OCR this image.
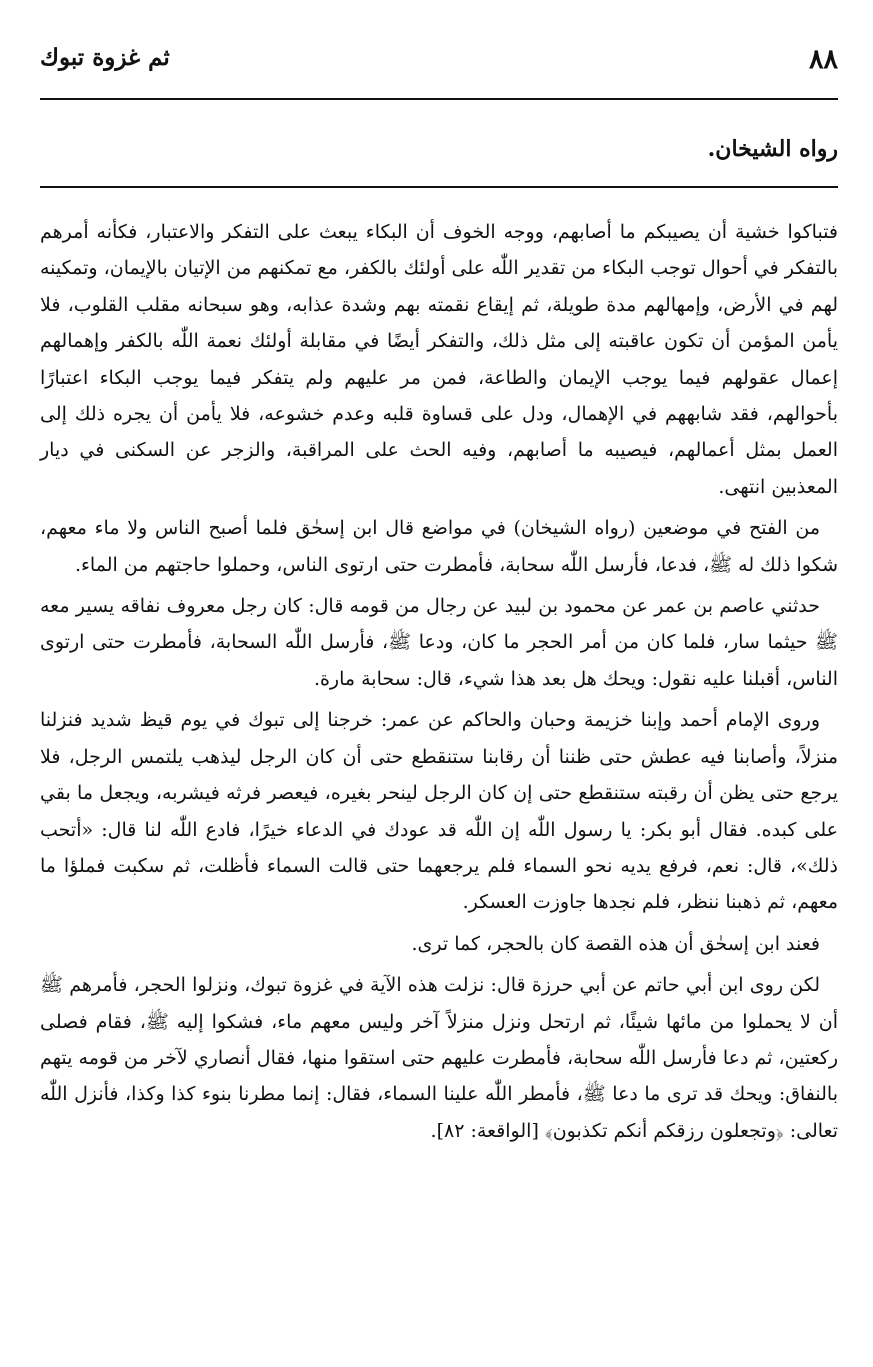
٨٨
ثم غزوة تبوك
رواه الشيخان.

فتباكوا خشية أن يصيبكم ما أصابهم، ووجه الخوف أن البكاء يبعث على التفكر والاعتبار، فكأنه أمرهم بالتفكر في أحوال توجب البكاء من تقدير اللّٰه على أولئك بالكفر، مع تمكنهم من الإتيان بالإيمان، وتمكينه لهم في الأرض، وإمهالهم مدة طويلة، ثم إيقاع نقمته بهم وشدة عذابه، وهو سبحانه مقلب القلوب، فلا يأمن المؤمن أن تكون عاقبته إلى مثل ذلك، والتفكر أيضًا في مقابلة أولئك نعمة اللّٰه بالكفر وإهمالهم إعمال عقولهم فيما يوجب الإيمان والطاعة، فمن مر عليهم ولم يتفكر فيما يوجب البكاء اعتبارًا بأحوالهم، فقد شابههم في الإهمال، ودل على قساوة قلبه وعدم خشوعه، فلا يأمن أن يجره ذلك إلى العمل بمثل أعمالهم، فيصيبه ما أصابهم، وفيه الحث على المراقبة، والزجر عن السكنى في ديار المعذبين انتهى.

من الفتح في موضعين (رواه الشيخان) في مواضع قال ابن إسحٰق فلما أصبح الناس ولا ماء معهم، شكوا ذلك له ﷺ، فدعا، فأرسل اللّٰه سحابة، فأمطرت حتى ارتوى الناس، وحملوا حاجتهم من الماء.

حدثني عاصم بن عمر عن محمود بن لبيد عن رجال من قومه قال: كان رجل معروف نفاقه يسير معه ﷺ حيثما سار، فلما كان من أمر الحجر ما كان، ودعا ﷺ، فأرسل اللّٰه السحابة، فأمطرت حتى ارتوى الناس، أقبلنا عليه نقول: ويحك هل بعد هذا شيء، قال: سحابة مارة.

وروى الإمام أحمد وإبنا خزيمة وحبان والحاكم عن عمر: خرجنا إلى تبوك في يوم قيظ شديد فنزلنا منزلاً، وأصابنا فيه عطش حتى ظننا أن رقابنا ستنقطع حتى أن كان الرجل ليذهب يلتمس الرجل، فلا يرجع حتى يظن أن رقبته ستنقطع حتى إن كان الرجل لينحر بغيره، فيعصر فرثه فيشربه، ويجعل ما بقي على كبده. فقال أبو بكر: يا رسول اللّٰه إن اللّٰه قد عودك في الدعاء خيرًا، فادع اللّٰه لنا قال: «أتحب ذلك»، قال: نعم، فرفع يديه نحو السماء فلم يرجعهما حتى قالت السماء فأظلت، ثم سكبت فملؤا ما معهم، ثم ذهبنا ننظر، فلم نجدها جاوزت العسكر.

فعند ابن إسحٰق أن هذه القصة كان بالحجر، كما ترى.

لكن روى ابن أبي حاتم عن أبي حرزة قال: نزلت هذه الآية في غزوة تبوك، ونزلوا الحجر، فأمرهم ﷺ أن لا يحملوا من مائها شيئًا، ثم ارتحل ونزل منزلاً آخر وليس معهم ماء، فشكوا إليه ﷺ، فقام فصلى ركعتين، ثم دعا فأرسل اللّٰه سحابة، فأمطرت عليهم حتى استقوا منها، فقال أنصاري لآخر من قومه يتهم بالنفاق: ويحك قد ترى ما دعا ﷺ، فأمطر اللّٰه علينا السماء، فقال: إنما مطرنا بنوء كذا وكذا، فأنزل اللّٰه تعالى: ﴿وتجعلون رزقكم أنكم تكذبون﴾ [الواقعة: ٨٢].
